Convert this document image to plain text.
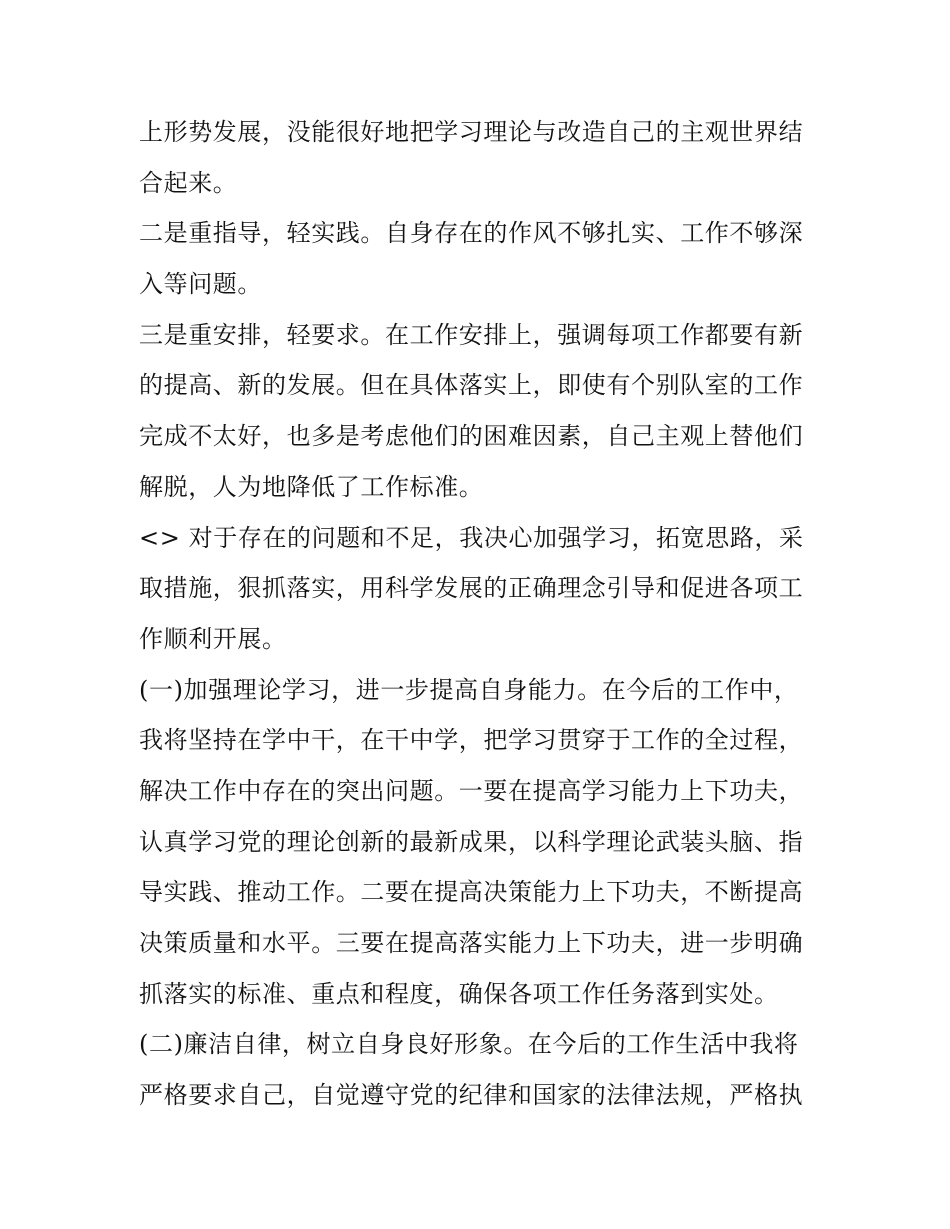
上形势发展，没能很好地把学习理论与改造自己的主观世界结
合起来。
二是重指导，轻实践。自身存在的作风不够扎实、工作不够深
入等问题。
三是重安排，轻要求。在工作安排上，强调每项工作都要有新
的提高、新的发展。但在具体落实上，即使有个别队室的工作
完成不太好，也多是考虑他们的困难因素，自己主观上替他们
解脱，人为地降低了工作标准。
<> 对于存在的问题和不足，我决心加强学习，拓宽思路，采
取措施，狠抓落实，用科学发展的正确理念引导和促进各项工
作顺利开展。
(一)加强理论学习，进一步提高自身能力。在今后的工作中，
我将坚持在学中干，在干中学，把学习贯穿于工作的全过程，
解决工作中存在的突出问题。一要在提高学习能力上下功夫，
认真学习党的理论创新的最新成果，以科学理论武装头脑、指
导实践、推动工作。二要在提高决策能力上下功夫，不断提高
决策质量和水平。三要在提高落实能力上下功夫，进一步明确
抓落实的标准、重点和程度，确保各项工作任务落到实处。
(二)廉洁自律，树立自身良好形象。在今后的工作生活中我将
严格要求自己，自觉遵守党的纪律和国家的法律法规，严格执
